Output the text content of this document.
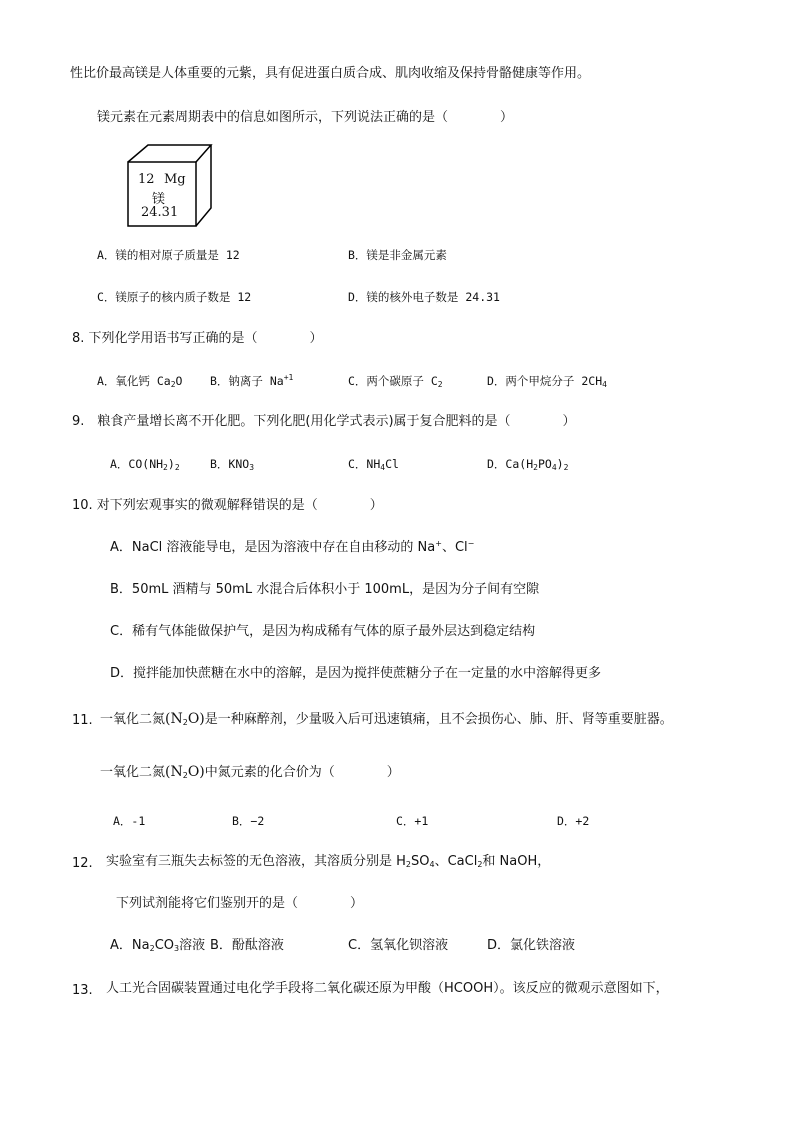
性比价最高镁是人体重要的元紫，具有促进蛋白质合成、肌肉收缩及保持骨骼健康等作用。
镁元素在元素周期表中的信息如图所示，下列说法正确的是（　　　　）
12 Mg
镁
24.31
A．镁的相对原子质量是 12	B．镁是非金属元素
C．镁原子的核内质子数是 12	D．镁的核外电子数是 24.31
8. 下列化学用语书写正确的是（　　　　）
A．氧化钙 $Ca_2O$ B．钠离子 $Na^{+1}$	C．两个碳原子 $C_2$	D．两个甲烷分子 $2CH_4$
9.　粮食产量增长离不开化肥。下列化肥(用化学式表示)属于复合肥料的是（　　　　）
A．$CO(NH_2)_2$	B．$KNO_3$	C．$NH_4Cl$	D．$Ca(H_2PO_4)_2$
10. 对下列宏观事实的微观解释错误的是（　　　　）
A．NaCl 溶液能导电，是因为溶液中存在自由移动的 Na+、Cl−
B．50mL 酒精与 50mL 水混合后体积小于 100mL，是因为分子间有空隙
C．稀有气体能做保护气，是因为构成稀有气体的原子最外层达到稳定结构
D．搅拌能加快蔗糖在水中的溶解，是因为搅拌使蔗糖分子在一定量的水中溶解得更多
11. 一氧化二氮$(N_2O)$是一种麻醉剂，少量吸入后可迅速镇痛，且不会损伤心、肺、肝、肾等重要脏器。
一氧化二氮$(N_2O)$中氮元素的化合价为（　　　　）
A．-1	B．−2	C．+1	D．+2
12. 实验室有三瓶失去标签的无色溶液，其溶质分别是 $H_2SO_4$、CaCl$_2$和 NaOH，
下列试剂能将它们鉴别开的是（　　　　）
A．$Na_2CO_3$溶液 B．酚酞溶液	C．氢氧化钡溶液	D．氯化铁溶液
13. 人工光合固碳装置通过电化学手段将二氧化碳还原为甲酸（HCOOH）。该反应的微观示意图如下，
